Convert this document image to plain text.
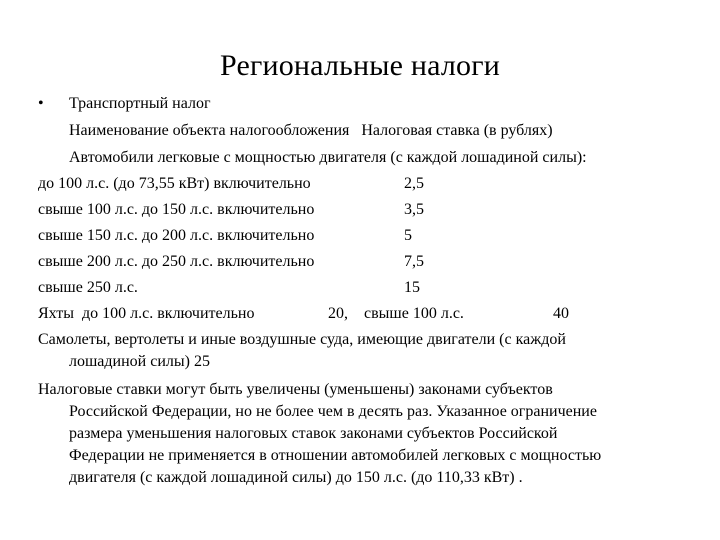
Региональные налоги
• Транспортный налог
Наименование объекта налогообложения   Налоговая ставка (в рублях)
Автомобили легковые с мощностью двигателя (с каждой лошадиной силы):
до 100 л.с. (до 73,55 кВт) включительно	2,5
свыше 100 л.с. до 150 л.с. включительно	3,5
свыше 150 л.с. до 200 л.с. включительно	5
свыше 200 л.с. до 250 л.с. включительно	7,5
свыше 250 л.с.	15
Яхты  до 100 л.с. включительно	20, свыше 100 л.с.	40
Самолеты, вертолеты и иные воздушные суда, имеющие двигатели (с каждой
лошадиной силы) 25
Налоговые ставки могут быть увеличены (уменьшены) законами субъектов
Российской Федерации, но не более чем в десять раз. Указанное ограничение
размера уменьшения налоговых ставок законами субъектов Российской
Федерации не применяется в отношении автомобилей легковых с мощностью
двигателя (с каждой лошадиной силы) до 150 л.с. (до 110,33 кВт) .
